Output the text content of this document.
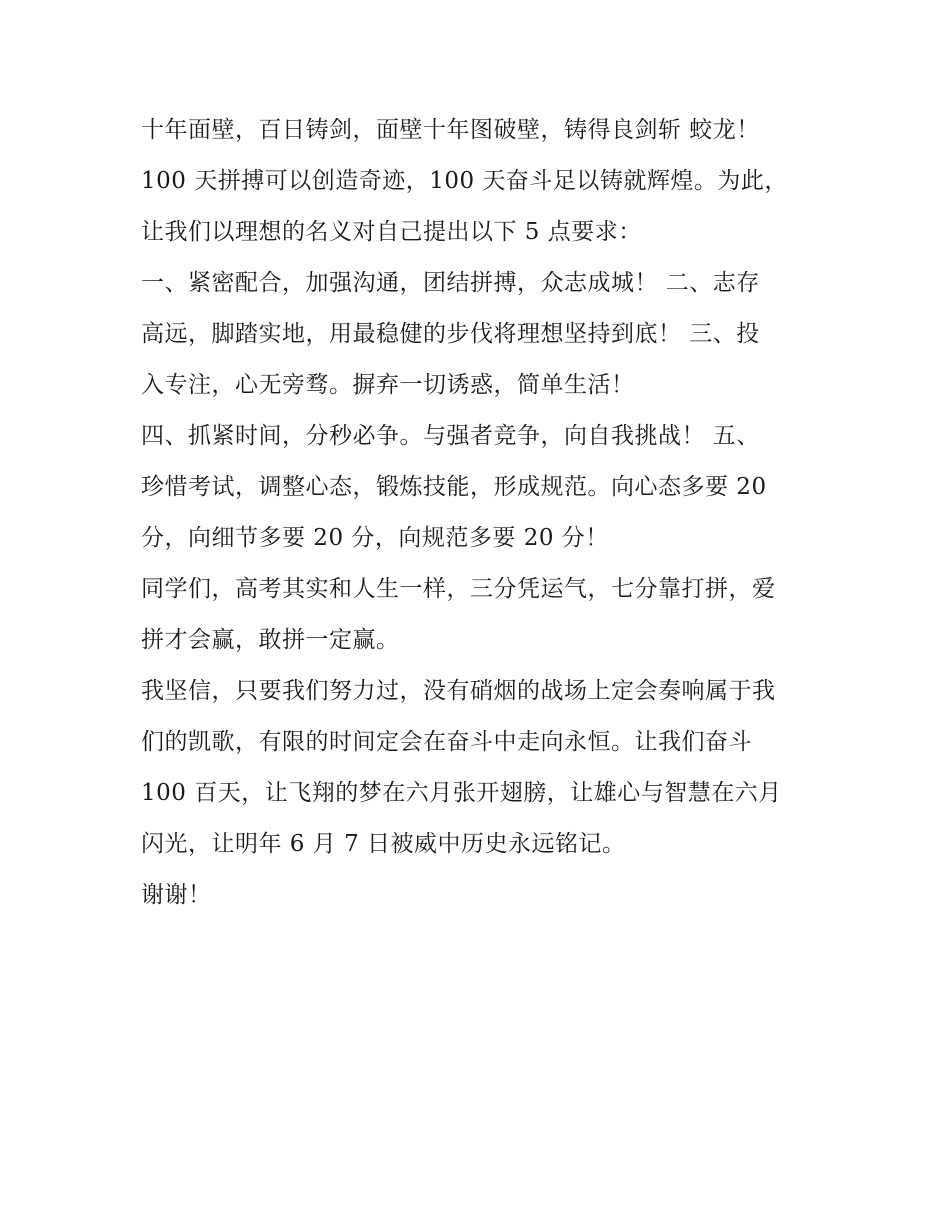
十年面壁，百日铸剑，面壁十年图破壁，铸得良剑斩 蛟龙！

100 天拼搏可以创造奇迹，100 天奋斗足以铸就辉煌。为此，

让我们以理想的名义对自己提出以下 5 点要求：

一、紧密配合，加强沟通，团结拼搏，众志成城！ 二、志存

高远，脚踏实地，用最稳健的步伐将理想坚持到底！ 三、投

入专注，心无旁骛。摒弃一切诱惑，简单生活！

四、抓紧时间，分秒必争。与强者竞争，向自我挑战！ 五、

珍惜考试，调整心态，锻炼技能，形成规范。向心态多要 20

分，向细节多要 20 分，向规范多要 20 分！

同学们，高考其实和人生一样，三分凭运气，七分靠打拼，爱

拼才会赢，敢拼一定赢。

我坚信，只要我们努力过，没有硝烟的战场上定会奏响属于我

们的凯歌，有限的时间定会在奋斗中走向永恒。让我们奋斗

100 百天，让飞翔的梦在六月张开翅膀，让雄心与智慧在六月

闪光，让明年 6 月 7 日被威中历史永远铭记。

谢谢！
